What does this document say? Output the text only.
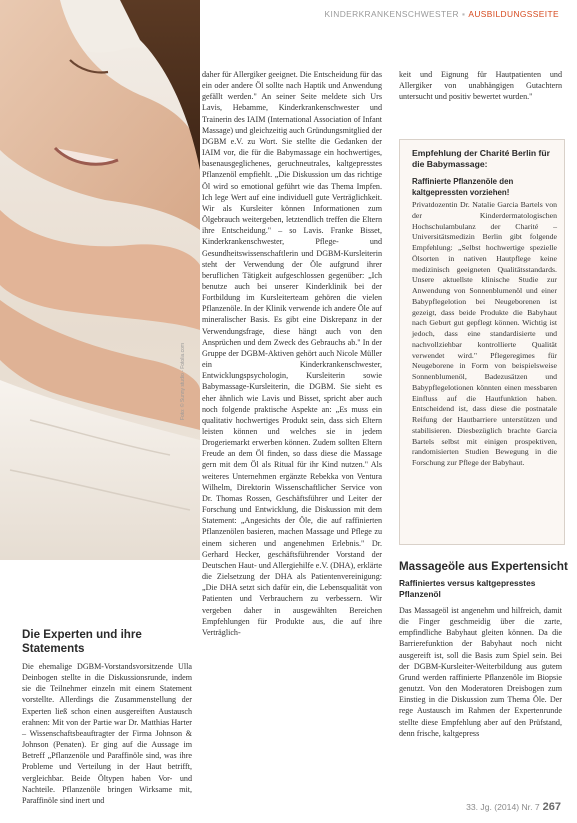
KINDERKRANKENSCHWESTER ▪ AUSBILDUNGSSEITE
Foto: © Sunny studio - Fotolia.com

daher für Allergiker geeignet. Die Entscheidung für das ein oder andere Öl sollte nach Haptik und Anwendung gefällt werden." An seiner Seite meldete sich Urs Lavis, Hebamme, Kinderkrankenschwester und Trainerin des IAIM (International Association of Infant Massage) und gleichzeitig auch Gründungsmitglied der DGBM e.V. zu Wort. Sie stellte die Gedanken der IAIM vor, die für die Babymassage ein hochwertiges, basenausgeglichenes, geruchneutrales, kaltgepresstes Pflanzenöl empfiehlt. „Die Diskussion um das richtige Öl wird so emotional geführt wie das Thema Impfen. Ich lege Wert auf eine individuell gute Verträglichkeit. Wir als Kursleiter können Informationen zum Ölgebrauch weitergeben, letztendlich treffen die Eltern ihre Entscheidung." – so Lavis. Franke Bisset, Kinderkrankenschwester, Pflege- und Gesundheitswissenschaftlerin und DGBM-Kursleiterin steht der Verwendung der Öle aufgrund ihrer beruflichen Tätigkeit aufgeschlossen gegenüber: „Ich benutze auch bei unserer Kinderklinik bei der Fortbildung im Kursleiterteam gehören die vielen Pflanzenöle. In der Klinik verwende ich andere Öle auf mineralischer Basis. Es gibt eine Diskrepanz in der Verwendungsfrage, diese hängt auch von den Ansprüchen und dem Zweck des Gebrauchs ab." In der Gruppe der DGBM-Aktiven gehört auch Nicole Müller ein Kinderkrankenschwester, Entwicklungspsychologin, Kursleiterin sowie Babymassage-Kursleiterin, die DGBM. Sie sieht es eher ähnlich wie Lavis und Bisset, spricht aber auch noch folgende praktische Aspekte an: „Es muss ein qualitativ hochwertiges Produkt sein, dass sich Eltern leisten können und welches sie in jedem Drogeriemarkt erwerben können. Zudem sollten Eltern Freude an dem Öl finden, so dass diese die Massage gern mit dem Öl als Ritual für ihr Kind nutzen." Als weiteres Unternehmen ergänzte Rebekka von Ventura Wilhelm, Direktorin Wissenschaftlicher Service von Dr. Thomas Rossen, Geschäftsführer und Leiter der Forschung und Entwicklung, die Diskussion mit dem Statement: „Angesichts der Öle, die auf raffinierten Pflanzenölen basieren, machen Massage und Pflege zu einem sicheren und angenehmen Erlebnis." Dr. Gerhard Hecker, geschäftsführender Vorstand der Deutschen Haut- und Allergiehilfe e.V. (DHA), erklärte die Zielsetzung der DHA als Patientenvereinigung: „Die DHA setzt sich dafür ein, die Lebensqualität von Patienten und Verbrauchern zu verbessern. Wir vergeben daher in ausgewählten Bereichen Empfehlungen für Produkte aus, die auf ihre Verträglich-

keit und Eignung für Hautpatienten und Allergiker von unabhängigen Gutachtern untersucht und positiv bewertet wurden."

Empfehlung der Charité Berlin für die Babymassage:
Raffinierte Pflanzenöle den kaltgepressten vorziehen!
Privatdozentin Dr. Natalie Garcia Bartels von der Kinderdermatologischen Hochschulambulanz der Charité – Universitätsmedizin Berlin gibt folgende Empfehlung: „Selbst hochwertige spezielle Ölsorten in nativen Hautpflege keine medizinisch geeigneten Qualitätsstandards. Unsere aktuellste klinische Studie zur Anwendung von Sonnenblumenöl und einer Babypflegelotion bei Neugeborenen ist gezeigt, dass beide Produkte die Babyhaut nach Geburt gut gepflegt können. Wichtig ist jedoch, dass eine standardisierte und nachvollziehbar kontrollierte Qualität verwendet wird." Pflegeregimes für Neugeborene in Form von beispielsweise Sonnenblumenöl, Badezusätzen und Babypflegelotionen könnten einen messbaren Einfluss auf die Hautfunktion haben. Entscheidend ist, dass diese die postnatale Reifung der Hautbarriere unterstützen und stabilisieren. Diesbezüglich brachte Garcia Bartels selbst mit einigen prospektiven, randomisierten Studien Bewegung in die Forschung zur Pflege der Babyhaut.
Die Experten und ihre Statements

Die ehemalige DGBM-Vorstandsvorsitzende Ulla Deinbogen stellte in die Diskussionsrunde, indem sie die Teilnehmer einzeln mit einem Statement vorstellte. Allerdings die Zusammenstellung der Experten ließ schon einen ausgereiften Austausch erahnen: Mit von der Partie war Dr. Matthias Harter – Wissenschaftsbeauftragter der Firma Johnson & Johnson (Penaten). Er ging auf die Aussage im Betreff „Pflanzenöle und Paraffinöle sind, was ihre Probleme und Verteilung in der Haut betrifft, vergleichbar. Beide Öltypen haben Vor- und Nachteile. Pflanzenöle bringen Wirksame mit, Paraffinöle sind inert und

Massageöle aus Expertensicht
Raffiniertes versus kaltgepresstes Pflanzenöl

Das Massageöl ist angenehm und hilfreich, damit die Finger geschmeidig über die zarte, empfindliche Babyhaut gleiten können. Da die Barrierefunktion der Babyhaut noch nicht ausgereift ist, soll die Basis zum Spiel sein. Bei der DGBM-Kursleiter-Weiterbildung aus gutem Grund werden raffinierte Pflanzenöle im Biopsie genutzt. Von den Moderatoren Dreisbogen zum Einstieg in die Diskussion zum Thema Öle. Der rege Austausch im Rahmen der Expertenrunde stellte diese Empfehlung aber auf den Prüfstand, denn frische, kaltgepress

33. Jg. (2014) Nr. 7 267
